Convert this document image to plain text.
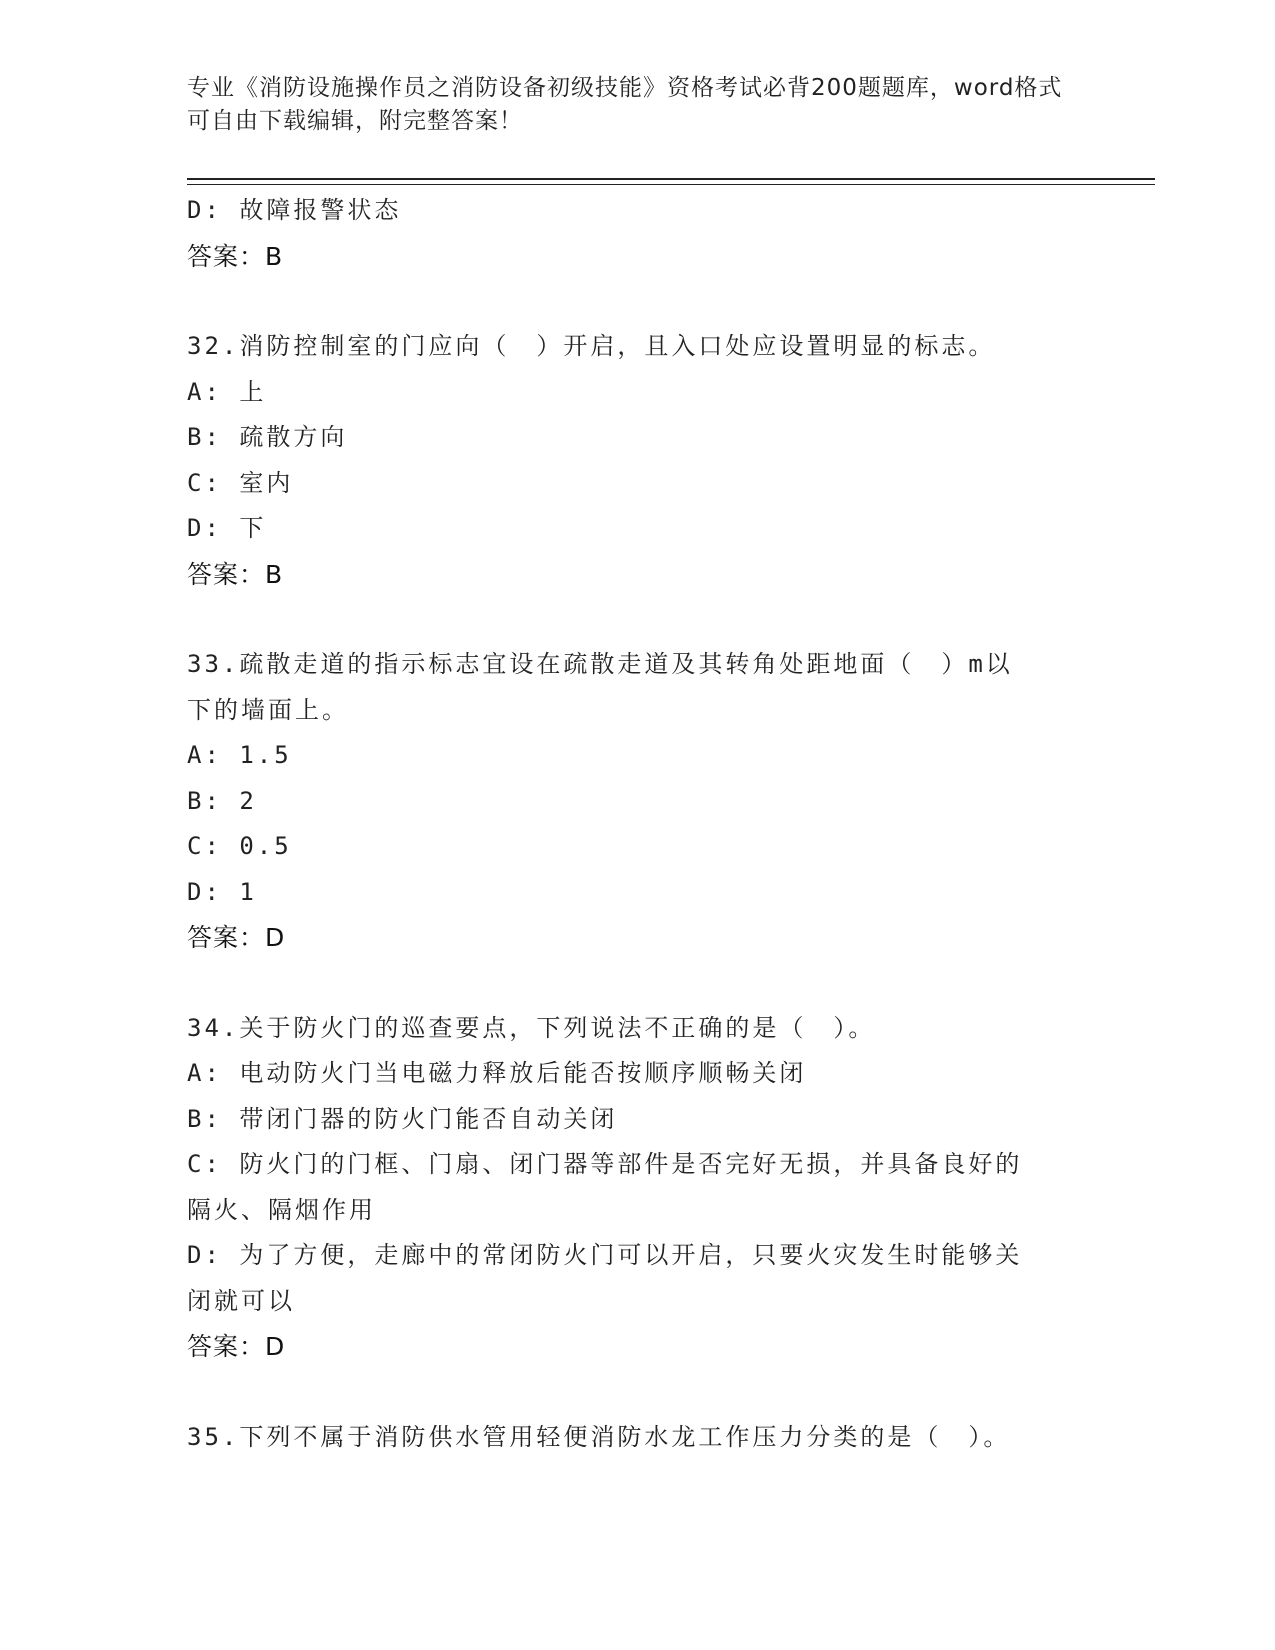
专业《消防设施操作员之消防设备初级技能》资格考试必背200题题库，word格式可自由下载编辑，附完整答案！

D: 故障报警状态

答案：B

32.消防控制室的门应向（　）开启，且入口处应设置明显的标志。

A: 上

B: 疏散方向

C: 室内

D: 下

答案：B

33.疏散走道的指示标志宜设在疏散走道及其转角处距地面（　）m以

下的墙面上。

A: 1.5

B: 2

C: 0.5

D: 1

答案：D

34.关于防火门的巡查要点，下列说法不正确的是（　）。

A: 电动防火门当电磁力释放后能否按顺序顺畅关闭

B: 带闭门器的防火门能否自动关闭

C: 防火门的门框、门扇、闭门器等部件是否完好无损，并具备良好的

隔火、隔烟作用

D: 为了方便，走廊中的常闭防火门可以开启，只要火灾发生时能够关

闭就可以

答案：D

35.下列不属于消防供水管用轻便消防水龙工作压力分类的是（　）。
